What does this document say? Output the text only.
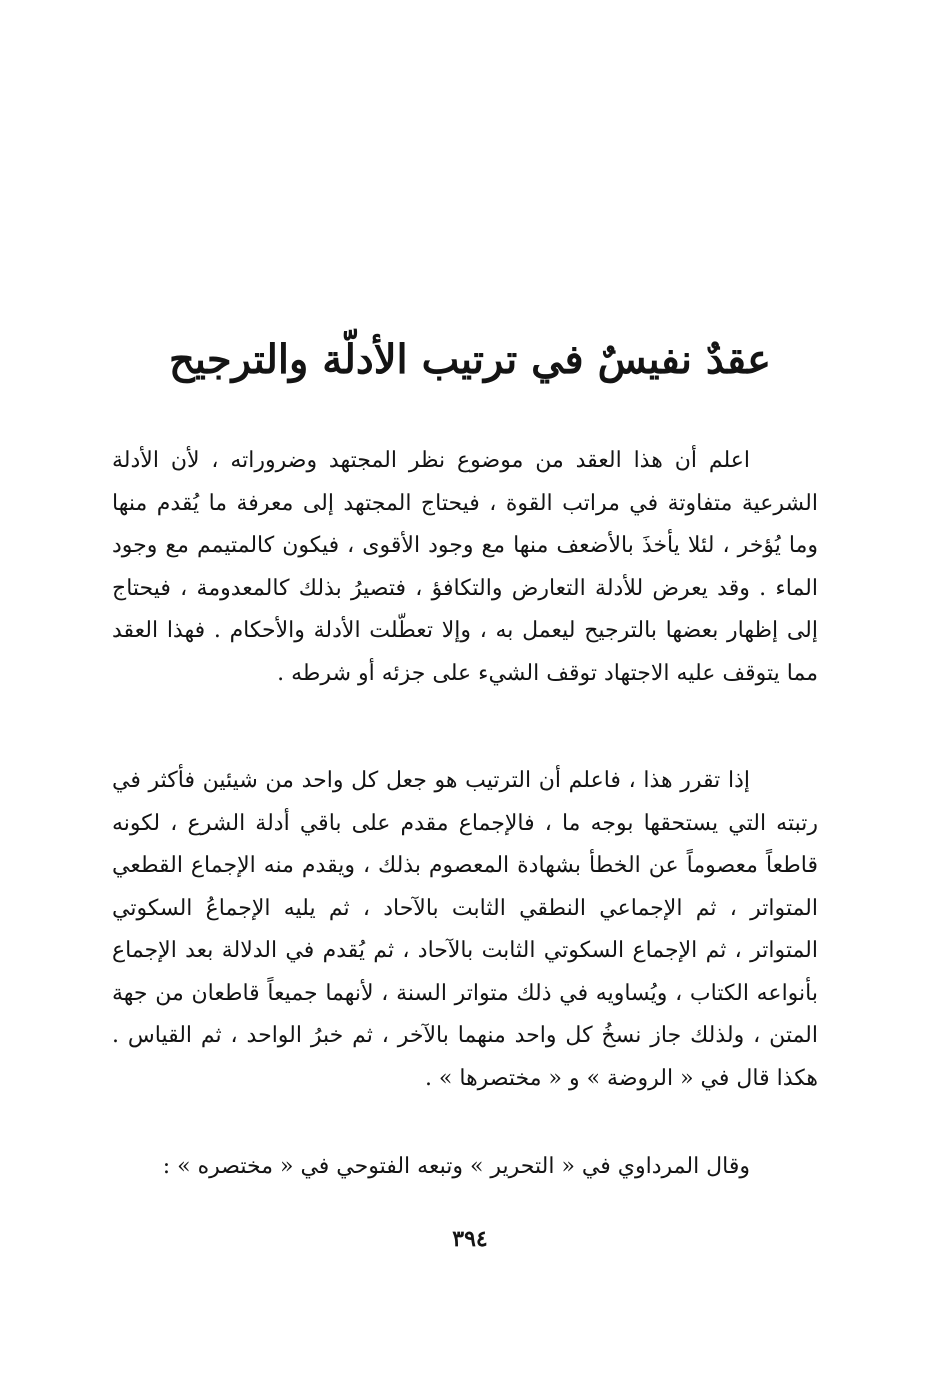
عقدٌ نفيسٌ في ترتيب الأدلّة والترجيح

اعلم أن هذا العقد من موضوع نظر المجتهد وضروراته ، لأن الأدلة الشرعية متفاوتة في مراتب القوة ، فيحتاج المجتهد إلى معرفة ما يُقدم منها وما يُؤخر ، لئلا يأخذَ بالأضعف منها مع وجود الأقوى ، فيكون كالمتيمم مع وجود الماء . وقد يعرض للأدلة التعارض والتكافؤ ، فتصيرُ بذلك كالمعدومة ، فيحتاج إلى إظهار بعضها بالترجيح ليعمل به ، وإلا تعطّلت الأدلة والأحكام . فهذا العقد مما يتوقف عليه الاجتهاد توقف الشيء على جزئه أو شرطه .

إذا تقرر هذا ، فاعلم أن الترتيب هو جعل كل واحد من شيئين فأكثر في رتبته التي يستحقها بوجه ما ، فالإجماع مقدم على باقي أدلة الشرع ، لكونه قاطعاً معصوماً عن الخطأ بشهادة المعصوم بذلك ، ويقدم منه الإجماع القطعي المتواتر ، ثم الإجماعي النطقي الثابت بالآحاد ، ثم يليه الإجماعُ السكوتي المتواتر ، ثم الإجماع السكوتي الثابت بالآحاد ، ثم يُقدم في الدلالة بعد الإجماع بأنواعه الكتاب ، ويُساويه في ذلك متواتر السنة ، لأنهما جميعاً قاطعان من جهة المتن ، ولذلك جاز نسخُ كل واحد منهما بالآخر ، ثم خبرُ الواحد ، ثم القياس . هكذا قال في « الروضة » و « مختصرها » .

وقال المرداوي في « التحرير » وتبعه الفتوحي في « مختصره » :

٣٩٤
